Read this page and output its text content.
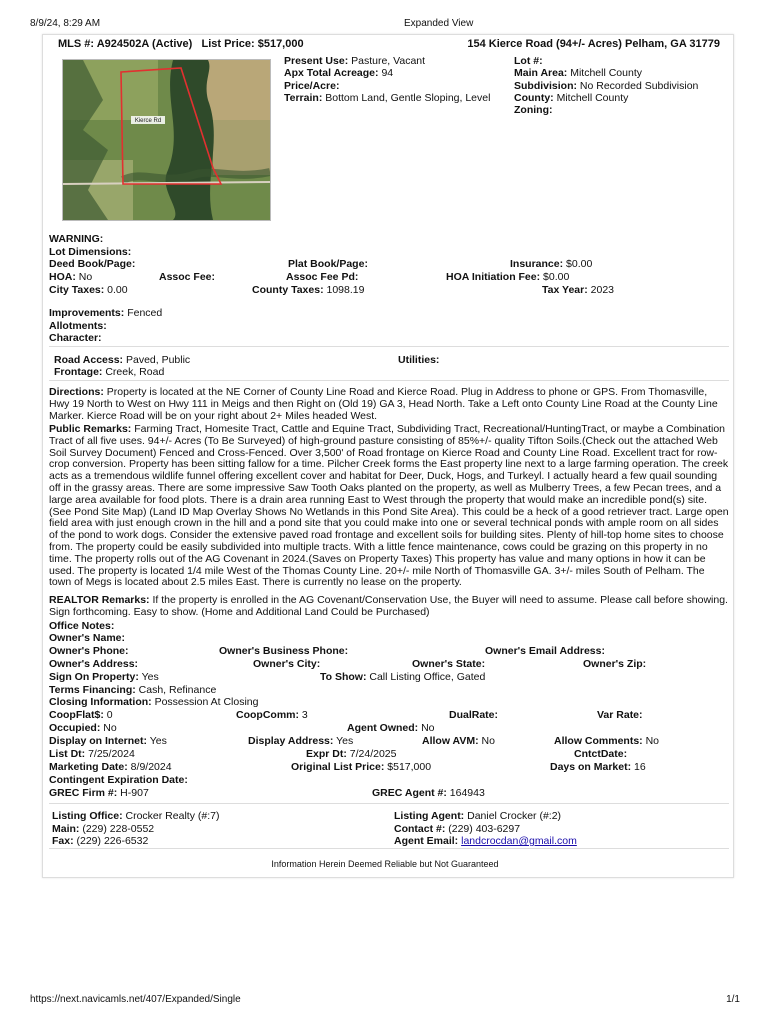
8/9/24, 8:29 AM	Expanded View
MLS #: A924502A (Active) List Price: $517,000	154 Kierce Road (94+/- Acres) Pelham, GA 31779
Kierce Rd
Present Use: Pasture, Vacant
Apx Total Acreage: 94
Price/Acre:
Terrain: Bottom Land, Gentle Sloping, Level
Lot #:
Main Area: Mitchell County
Subdivision: No Recorded Subdivision
County: Mitchell County
Zoning:
WARNING:
Lot Dimensions:
Deed Book/Page:	Plat Book/Page:	Insurance: $0.00
HOA: No	Assoc Fee:	Assoc Fee Pd:	HOA Initiation Fee: $0.00
City Taxes: 0.00	County Taxes: 1098.19	Tax Year: 2023
Improvements: Fenced
Allotments:
Character:
Road Access: Paved, Public	Utilities:
Frontage: Creek, Road
Directions: Property is located at the NE Corner of County Line Road and Kierce Road. Plug in Address to phone or GPS. From Thomasville, Hwy 19 North to West on Hwy 111 in Meigs and then Right on (Old 19) GA 3, Head North. Take a Left onto County Line Road at the County Line Marker. Kierce Road will be on your right about 2+ Miles headed West.
Public Remarks: Farming Tract, Homesite Tract, Cattle and Equine Tract, Subdividing Tract, Recreational/HuntingTract, or maybe a Combination Tract of all five uses. 94+/- Acres (To Be Surveyed) of high-ground pasture consisting of 85%+/- quality Tifton Soils.(Check out the attached Web Soil Survey Document) Fenced and Cross-Fenced. Over 3,500' of Road frontage on Kierce Road and County Line Road. Excellent tract for row-crop conversion. Property has been sitting fallow for a time. Pilcher Creek forms the East property line next to a large farming operation. The creek acts as a tremendous wildlife funnel offering excellent cover and habitat for Deer, Duck, Hogs, and Turkeyl. I actually heard a few quail sounding off in the grassy areas. There are some impressive Saw Tooth Oaks planted on the property, as well as Mulberry Trees, a few Pecan trees, and a large area available for food plots. There is a drain area running East to West through the property that would make an incredible pond(s) site.(See Pond Site Map) (Land ID Map Overlay Shows No Wetlands in this Pond Site Area). This could be a heck of a good retriever tract. Large open field area with just enough crown in the hill and a pond site that you could make into one or several technical ponds with ample room on all sides of the pond to work dogs. Consider the extensive paved road frontage and excellent soils for building sites. Plenty of hill-top home sites to choose from. The property could be easily subdivided into multiple tracts. With a little fence maintenance, cows could be grazing on this property in no time. The property rolls out of the AG Covenant in 2024.(Saves on Property Taxes) This property has value and many options in how it can be used. The property is located 1/4 mile West of the Thomas County Line. 20+/- mile North of Thomasville GA. 3+/- miles South of Pelham. The town of Megs is located about 2.5 miles East. There is currently no lease on the property.
REALTOR Remarks: If the property is enrolled in the AG Covenant/Conservation Use, the Buyer will need to assume. Please call before showing. Sign forthcoming. Easy to show. (Home and Additional Land Could be Purchased)
Office Notes:
Owner's Name:
Owner's Phone:	Owner's Business Phone:	Owner's Email Address:
Owner's Address:	Owner's City:	Owner's State:	Owner's Zip:
Sign On Property: Yes	To Show: Call Listing Office, Gated
Terms Financing: Cash, Refinance
Closing Information: Possession At Closing
CoopFlat$: 0	CoopComm: 3	DualRate:	Var Rate:
Occupied: No	Agent Owned: No
Display on Internet: Yes	Display Address: Yes	Allow AVM: No	Allow Comments: No
List Dt: 7/25/2024	Expr Dt: 7/24/2025	CntctDate:
Marketing Date: 8/9/2024	Original List Price: $517,000	Days on Market: 16
Contingent Expiration Date:
GREC Firm #: H-907	GREC Agent #: 164943
Listing Office: Crocker Realty (#:7)
Main: (229) 228-0552
Fax: (229) 226-6532
Listing Agent: Daniel Crocker (#:2)
Contact #: (229) 403-6297
Agent Email: landcrocdan@gmail.com
Information Herein Deemed Reliable but Not Guaranteed
https://next.navicamls.net/407/Expanded/Single	1/1
